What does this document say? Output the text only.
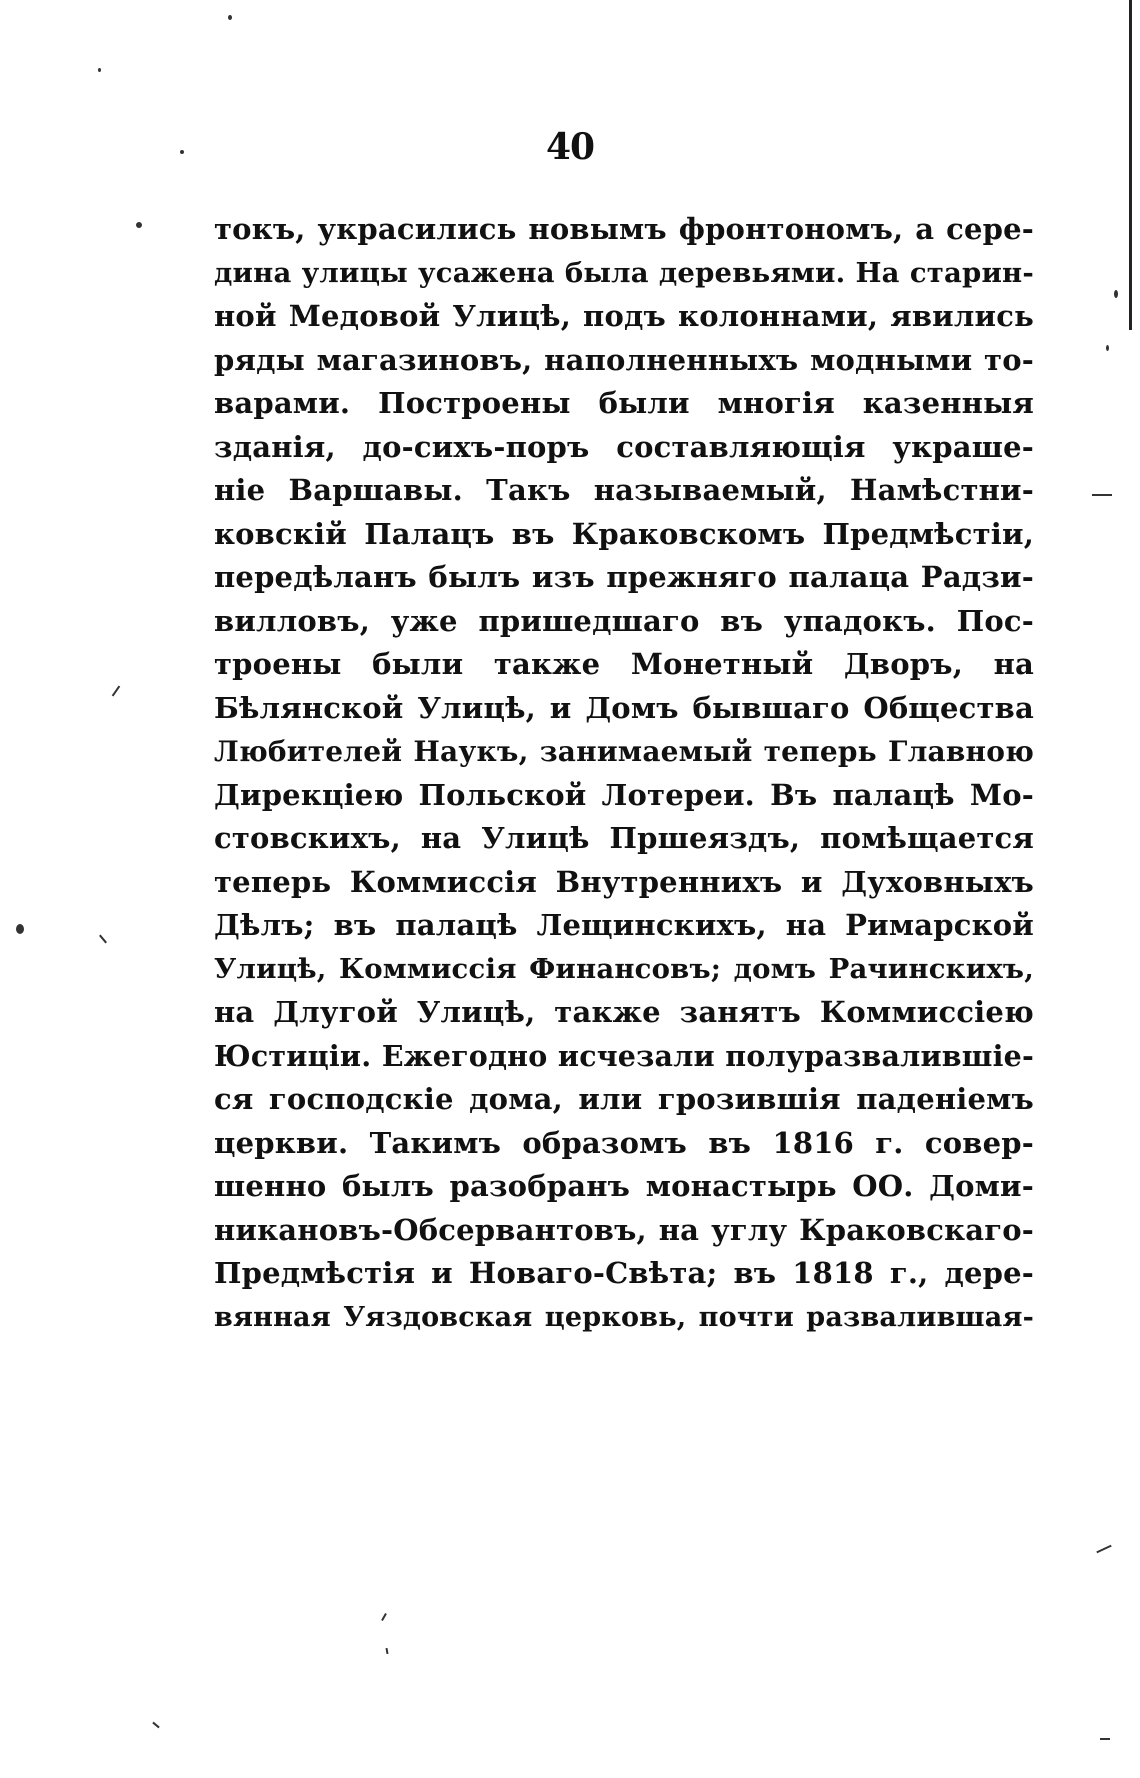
40
токъ, украсились новымъ фронтономъ, а сере-
дина улицы усажена была деревьями. На старин-
ной Медовой Улицѣ, подъ колоннами, явились
ряды магазиновъ, наполненныхъ модными то-
варами. Построены были многія казенныя
зданія, до-сихъ-поръ составляющія украше-
ніе Варшавы. Такъ называемый, Намѣстни-
ковскій Палацъ въ Краковскомъ Предмѣстіи,
передѣланъ былъ изъ прежняго палаца Радзи-
вилловъ, уже пришедшаго въ упадокъ. Пос-
троены были также Монетный Дворъ, на
Бѣлянской Улицѣ, и Домъ бывшаго Общества
Любителей Наукъ, занимаемый теперь Главною
Дирекціею Польской Лотереи. Въ палацѣ Мо-
стовскихъ, на Улицѣ Пршеяздъ, помѣщается
теперь Коммиссія Внутреннихъ и Духовныхъ
Дѣлъ; въ палацѣ Лещинскихъ, на Римарской
Улицѣ, Коммиссія Финансовъ; домъ Рачинскихъ,
на Длугой Улицѣ, также занятъ Коммиссіею
Юстиціи. Ежегодно исчезали полуразвалившіе-
ся господскіе дома, или грозившія паденіемъ
церкви. Такимъ образомъ въ 1816 г. совер-
шенно былъ разобранъ монастырь ОО. Доми-
никановъ-Обсервантовъ, на углу Краковскаго-
Предмѣстія и Новаго-Свѣта; въ 1818 г., дере-
вянная Уяздовская церковь, почти развалившая-
